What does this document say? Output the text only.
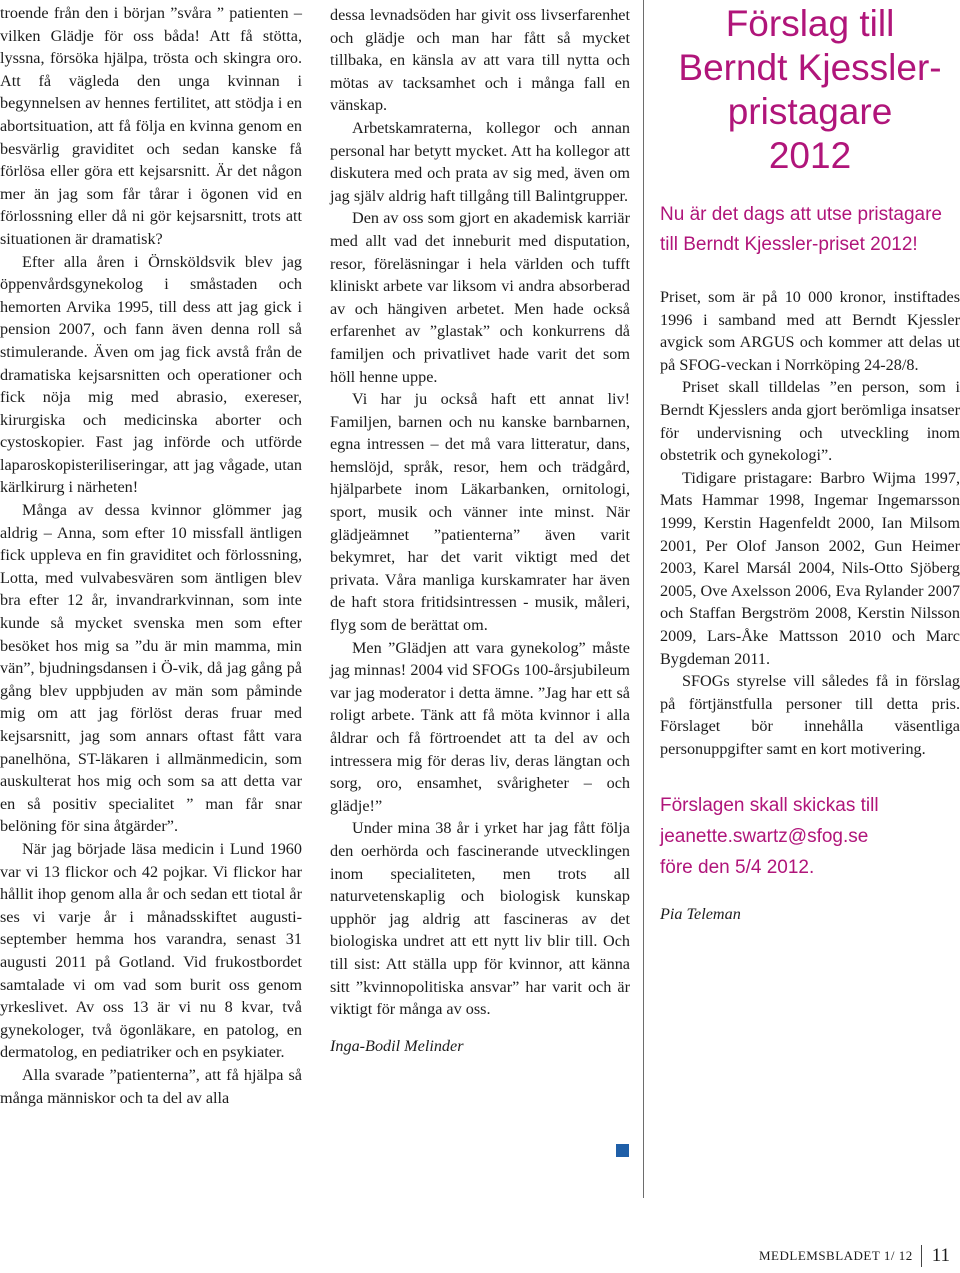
troende från den i början ”svåra ” patienten – vilken Glädje för oss båda! Att få stötta, lyssna, försöka hjälpa, trösta och skingra oro. Att få vägleda den unga kvinnan i begynnelsen av hennes fertilitet, att stödja i en abortsituation, att få följa en kvinna genom en besvärlig graviditet och sedan kanske få förlösa eller göra ett kejsarsnitt. Är det någon mer än jag som får tårar i ögonen vid en förlossning eller då ni gör kejsarsnitt, trots att situationen är dramatisk?

Efter alla åren i Örnsköldsvik blev jag öppenvårdsgynekolog i småstaden och hemorten Arvika 1995, till dess att jag gick i pension 2007, och fann även denna roll så stimulerande. Även om jag fick avstå från de dramatiska kejsarsnitten och operationer och fick nöja mig med abrasio, exereser, kirurgiska och medicinska aborter och cystoskopier. Fast jag införde och utförde laparoskopisteriliseringar, att jag vågade, utan kärlkirurg i närheten!

Många av dessa kvinnor glömmer jag aldrig – Anna, som efter 10 missfall äntligen fick uppleva en fin graviditet och förlossning, Lotta, med vulvabesvären som äntligen blev bra efter 12 år, invandrarkvinnan, som inte kunde så mycket svenska men som efter besöket hos mig sa ”du är min mamma, min vän”, bjudningsdansen i Ö-vik, då jag gång på gång blev uppbjuden av män som påminde mig om att jag förlöst deras fruar med kejsarsnitt, jag som annars oftast fått vara panelhöna, ST-läkaren i allmänmedicin, som auskulterat hos mig och som sa att detta var en så positiv specialitet ” man får snar belöning för sina åtgärder”.

När jag började läsa medicin i Lund 1960 var vi 13 flickor och 42 pojkar. Vi flickor har hållit ihop genom alla år och sedan ett tiotal år ses vi varje år i månadsskiftet augusti-september hemma hos varandra, senast 31 augusti 2011 på Gotland. Vid frukostbordet samtalade vi om vad som burit oss genom yrkeslivet. Av oss 13 är vi nu 8 kvar, två gynekologer, två ögonläkare, en patolog, en dermatolog, en pediatriker och en psykiater.

Alla svarade ”patienterna”, att få hjälpa så många människor och ta del av alla

dessa levnadsöden har givit oss livserfarenhet och glädje och man har fått så mycket tillbaka, en känsla av att vara till nytta och mötas av tacksamhet och i många fall en vänskap.

Arbetskamraterna, kollegor och annan personal har betytt mycket. Att ha kollegor att diskutera med och prata av sig med, även om jag själv aldrig haft tillgång till Balintgrupper.

Den av oss som gjort en akademisk karriär med allt vad det inneburit med disputation, resor, föreläsningar i hela världen och tufft kliniskt arbete var liksom vi andra absorberad av och hängiven arbetet. Men hade också erfarenhet av ”glastak” och konkurrens då familjen och privatlivet hade varit det som höll henne uppe.

Vi har ju också haft ett annat liv! Familjen, barnen och nu kanske barnbarnen, egna intressen – det må vara litteratur, dans, hemslöjd, språk, resor, hem och trädgård, hjälparbete inom Läkarbanken, ornitologi, sport, musik och vänner inte minst. När glädjeämnet ”patienterna” även varit bekymret, har det varit viktigt med det privata. Våra manliga kurskamrater har även de haft stora fritidsintressen - musik, måleri, flyg som de berättat om.

Men ”Glädjen att vara gynekolog” måste jag minnas! 2004 vid SFOGs 100-årsjubileum var jag moderator i detta ämne. ”Jag har ett så roligt arbete. Tänk att få möta kvinnor i alla åldrar och få förtroendet att ta del av och intressera mig för deras liv, deras längtan och sorg, oro, ensamhet, svårigheter – och glädje!”

Under mina 38 år i yrket har jag fått följa den oerhörda och fascinerande utvecklingen inom specialiteten, men trots all naturvetenskaplig och biologisk kunskap upphör jag aldrig att fascineras av det biologiska undret att ett nytt liv blir till. Och till sist: Att ställa upp för kvinnor, att känna sitt ”kvinnopolitiska ansvar” har varit och är viktigt för många av oss.

Inga-Bodil Melinder
Förslag till
Berndt Kjessler-
pristagare
2012
Nu är det dags att utse pristagare till Berndt Kjessler-priset 2012!

Priset, som är på 10 000 kronor, instiftades 1996 i samband med att Berndt Kjessler avgick som ARGUS och kommer att delas ut på SFOG-veckan i Norrköping 24-28/8.

Priset skall tilldelas ”en person, som i Berndt Kjesslers anda gjort berömliga insatser för undervisning och utveckling inom obstetrik och gynekologi”.

Tidigare pristagare: Barbro Wijma 1997, Mats Hammar 1998, Ingemar Ingemarsson 1999, Kerstin Hagenfeldt 2000, Ian Milsom 2001, Per Olof Janson 2002, Gun Heimer 2003, Karel Marsál 2004, Nils-Otto Sjöberg 2005, Ove Axelsson 2006, Eva Rylander 2007 och Staffan Bergström 2008, Kerstin Nilsson 2009, Lars-Åke Mattsson 2010 och Marc Bygdeman 2011.

SFOGs styrelse vill således få in förslag på förtjänstfulla personer till detta pris. Förslaget bör innehålla väsentliga personuppgifter samt en kort motivering.

Förslagen skall skickas till
jeanette.swartz@sfog.se
före den 5/4 2012.
Pia Teleman
MEDLEMSBLADET 1/ 12 11
